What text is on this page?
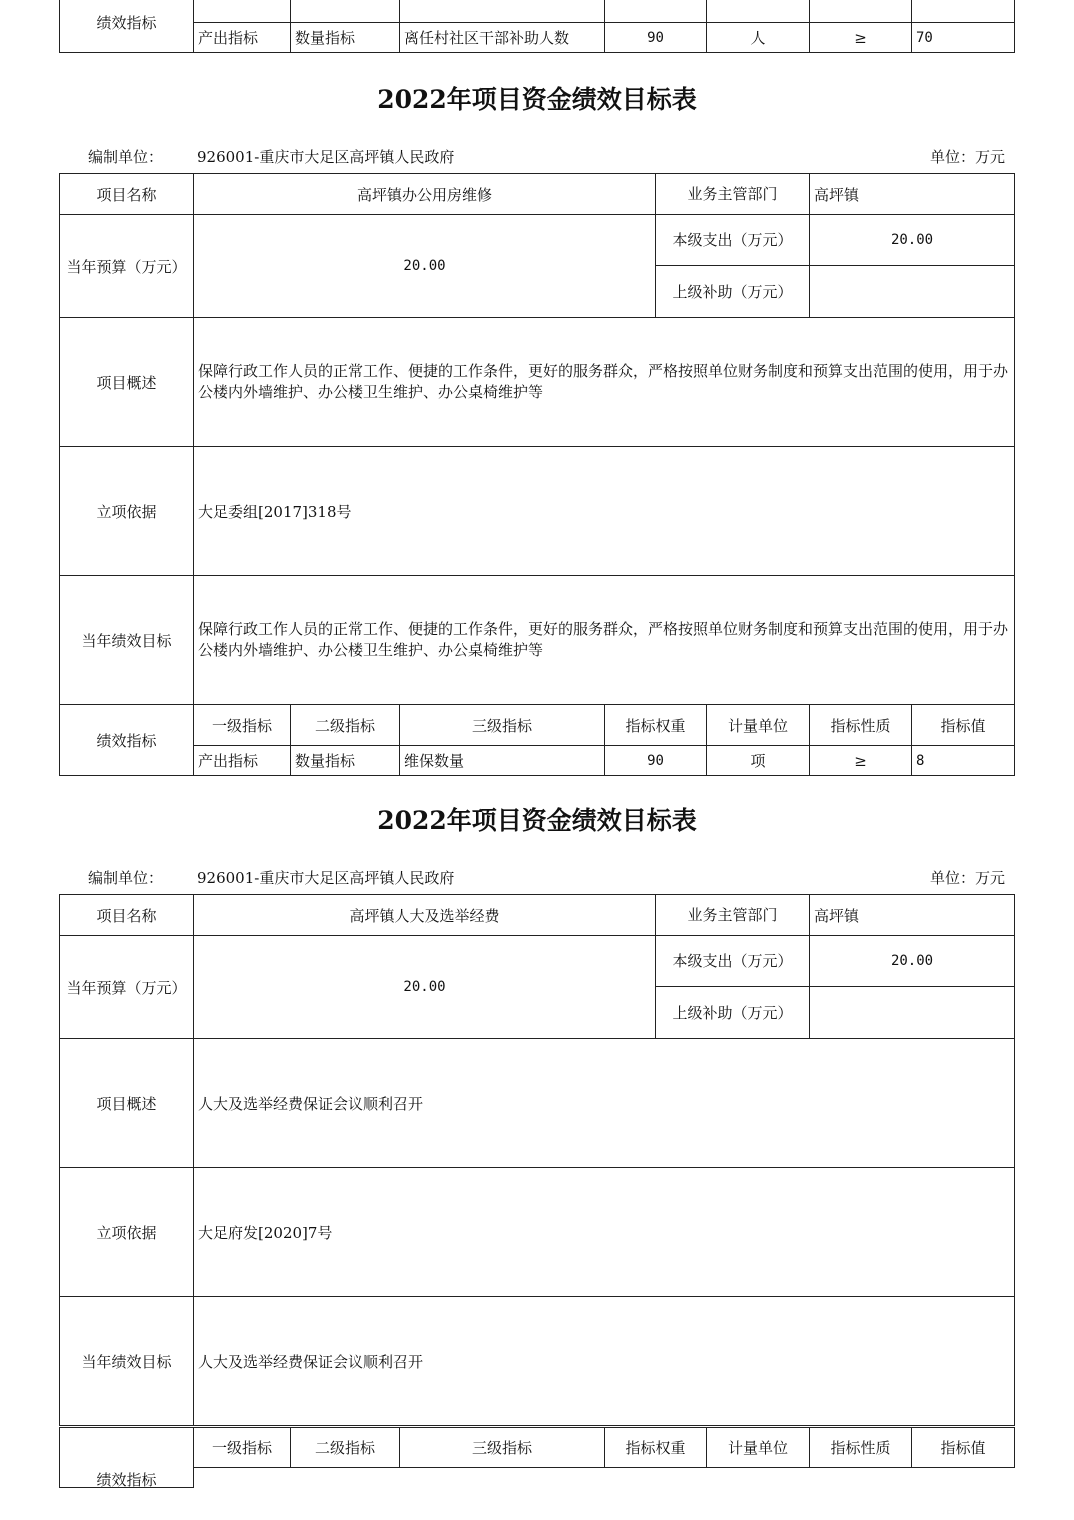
绩效指标							
	产出指标	数量指标	离任村社区干部补助人数	90	人	≥	70
2022年项目资金绩效目标表
编制单位： 926001-重庆市大足区高坪镇人民政府	单位：万元
项目名称	高坪镇办公用房维修				业务主管部门		高坪镇	
当年预算（万元）	20.00				本级支出（万元）		20.00	
					上级补助（万元）			
项目概述	保障行政工作人员的正常工作、便捷的工作条件，更好的服务群众，严格按照单位财务制度和预算支出范围的使用，用于办公楼内外墙维护、办公楼卫生维护、办公桌椅维护等							
立项依据	大足委组[2017]318号							
当年绩效目标	保障行政工作人员的正常工作、便捷的工作条件，更好的服务群众，严格按照单位财务制度和预算支出范围的使用，用于办公楼内外墙维护、办公楼卫生维护、办公桌椅维护等							
绩效指标	一级指标	二级指标	三级指标	指标权重		计量单位	指标性质	指标值
	产出指标	数量指标	维保数量	90		项	≥	8
2022年项目资金绩效目标表
编制单位： 926001-重庆市大足区高坪镇人民政府	单位：万元
项目名称	高坪镇人大及选举经费	业务主管部门	高坪镇
当年预算（万元）	20.00	本级支出（万元）	20.00
		上级补助（万元）	
项目概述	人大及选举经费保证会议顺利召开		
立项依据	大足府发[2020]7号		
当年绩效目标	人大及选举经费保证会议顺利召开		
绩效指标	一级指标	二级指标	三级指标	指标权重	计量单位	指标性质	指标值
